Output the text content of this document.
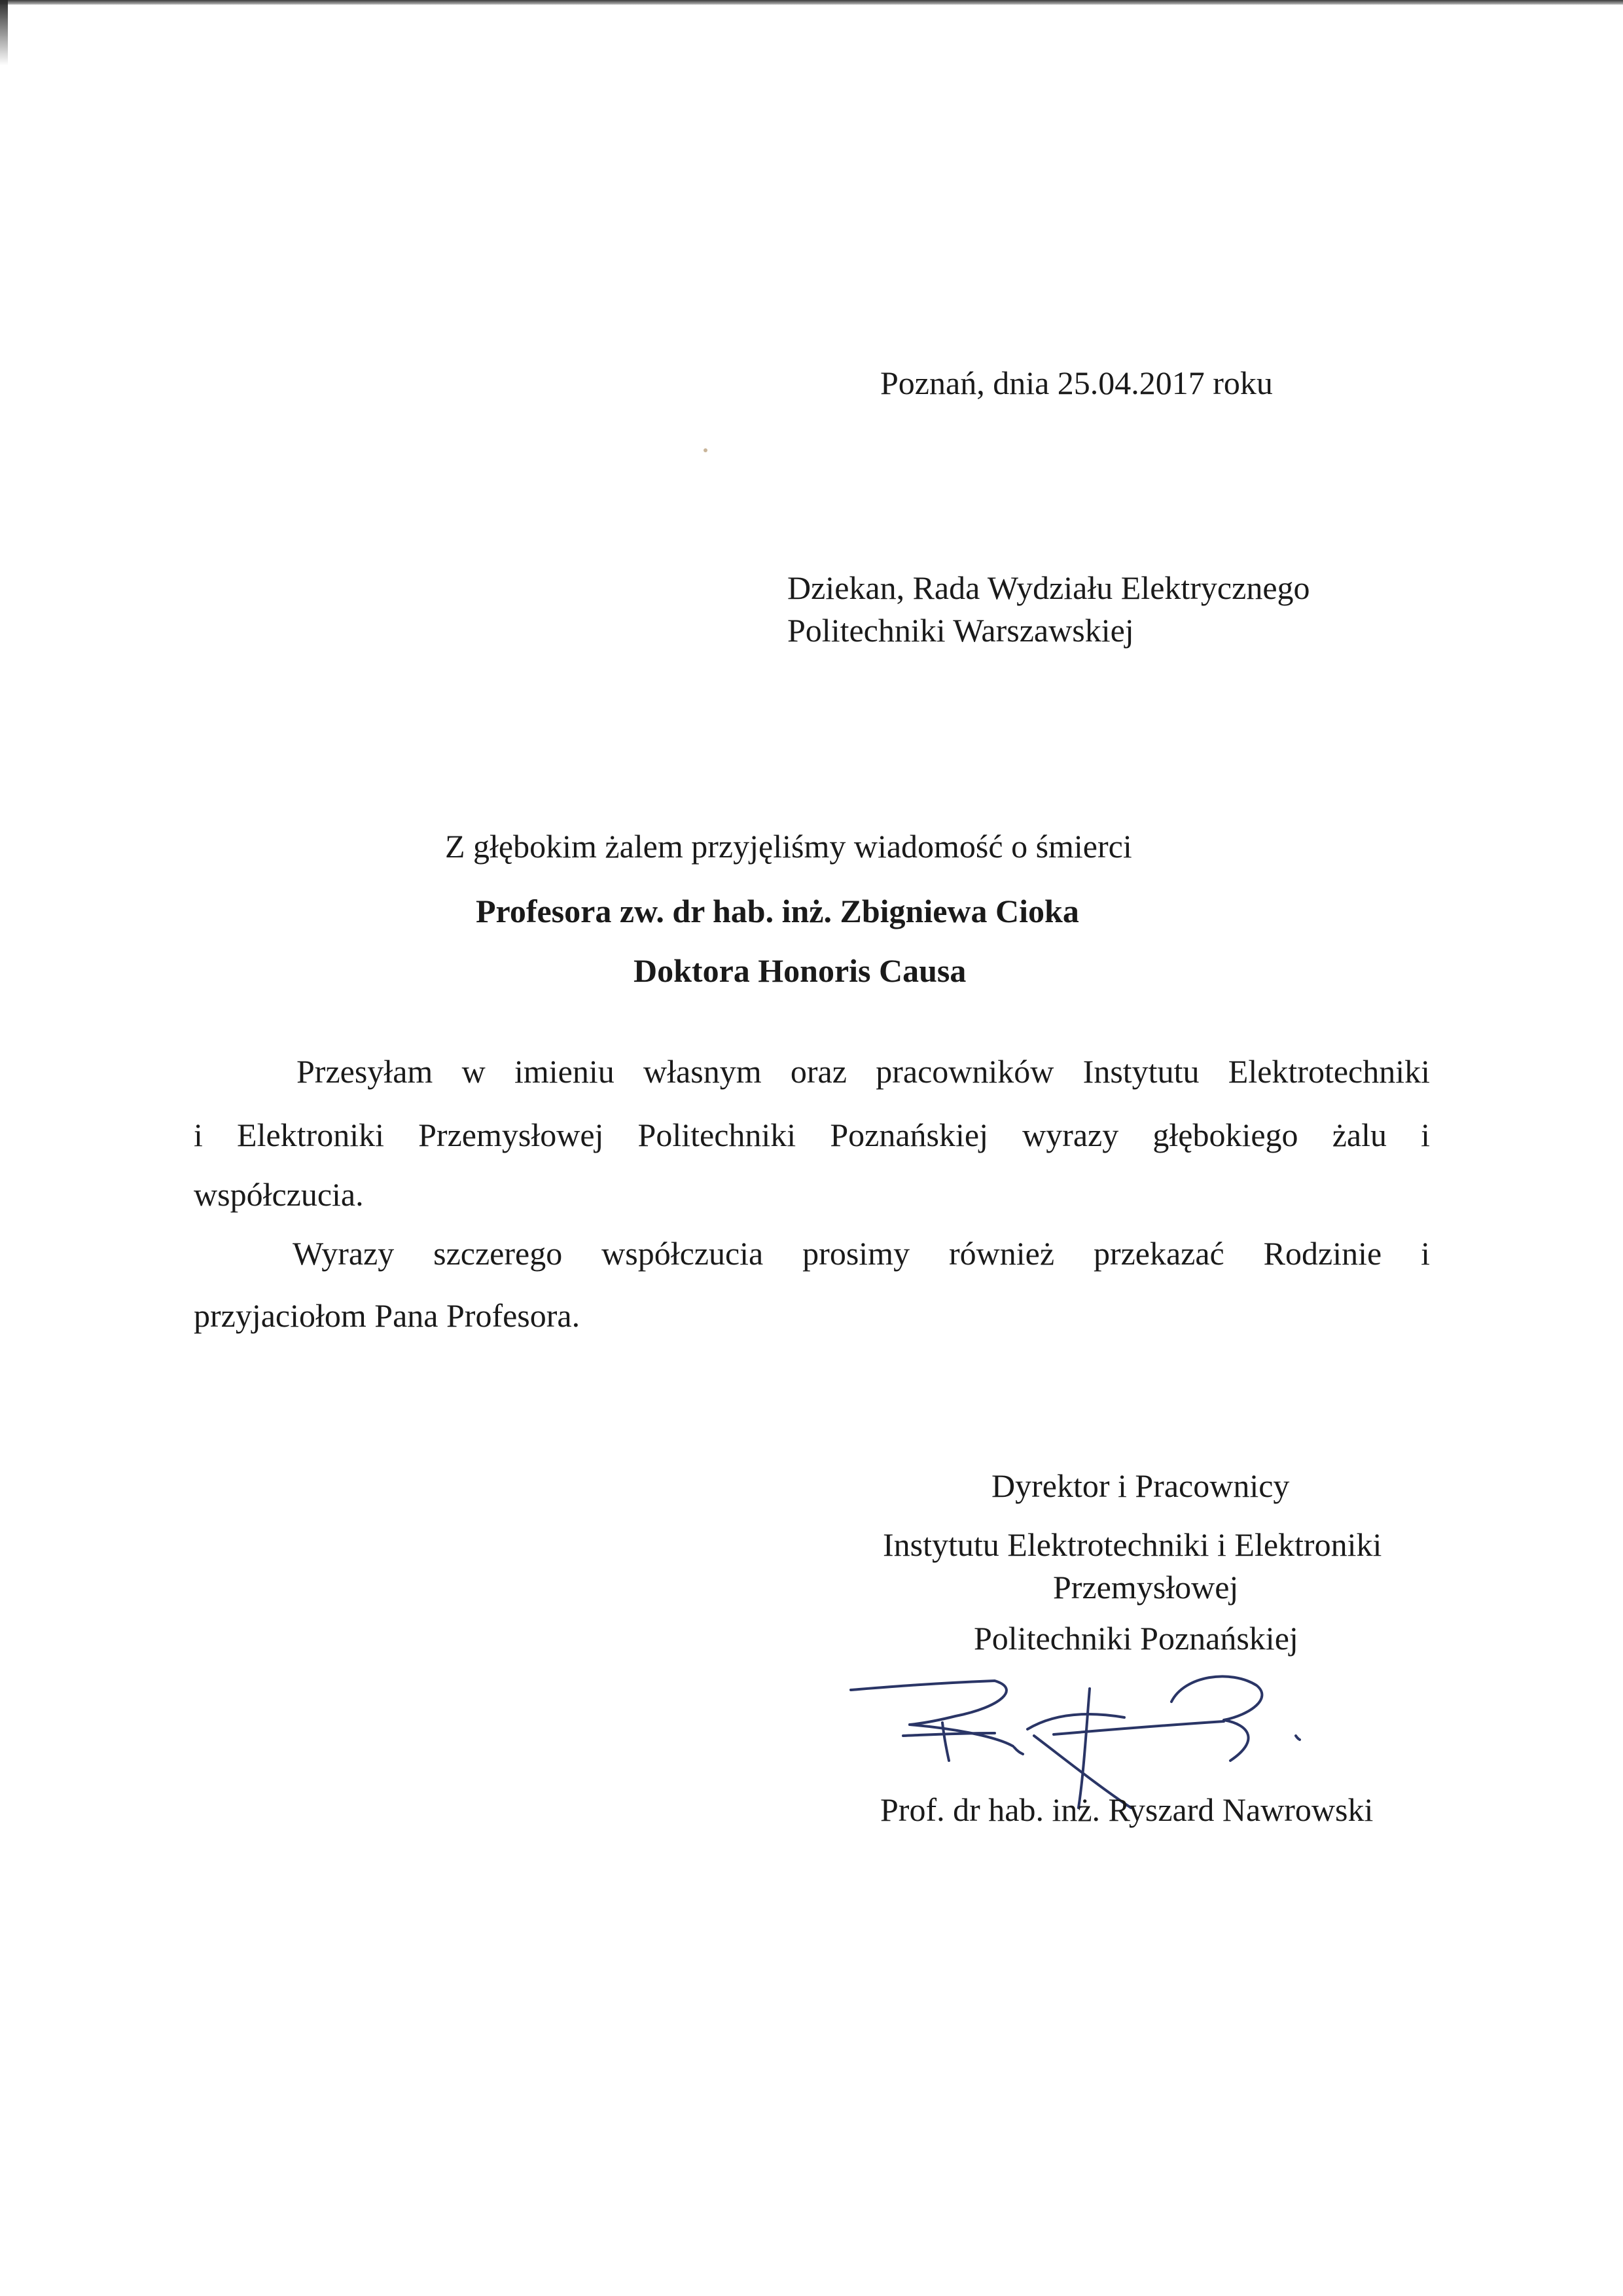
Poznań, dnia 25.04.2017 roku
Dziekan, Rada Wydziału Elektrycznego
Politechniki Warszawskiej
Z głębokim żalem przyjęliśmy wiadomość o śmierci
Profesora zw. dr hab. inż. Zbigniewa Cioka
Doktora Honoris Causa
Przesyłam w imieniu własnym oraz pracowników Instytutu Elektrotechniki
i Elektroniki Przemysłowej Politechniki Poznańskiej wyrazy głębokiego żalu i
współczucia.
Wyrazy szczerego współczucia prosimy również przekazać Rodzinie i
przyjaciołom Pana Profesora.
Dyrektor i Pracownicy
Instytutu Elektrotechniki i Elektroniki
Przemysłowej
Politechniki Poznańskiej
Prof. dr hab. inż. Ryszard Nawrowski
